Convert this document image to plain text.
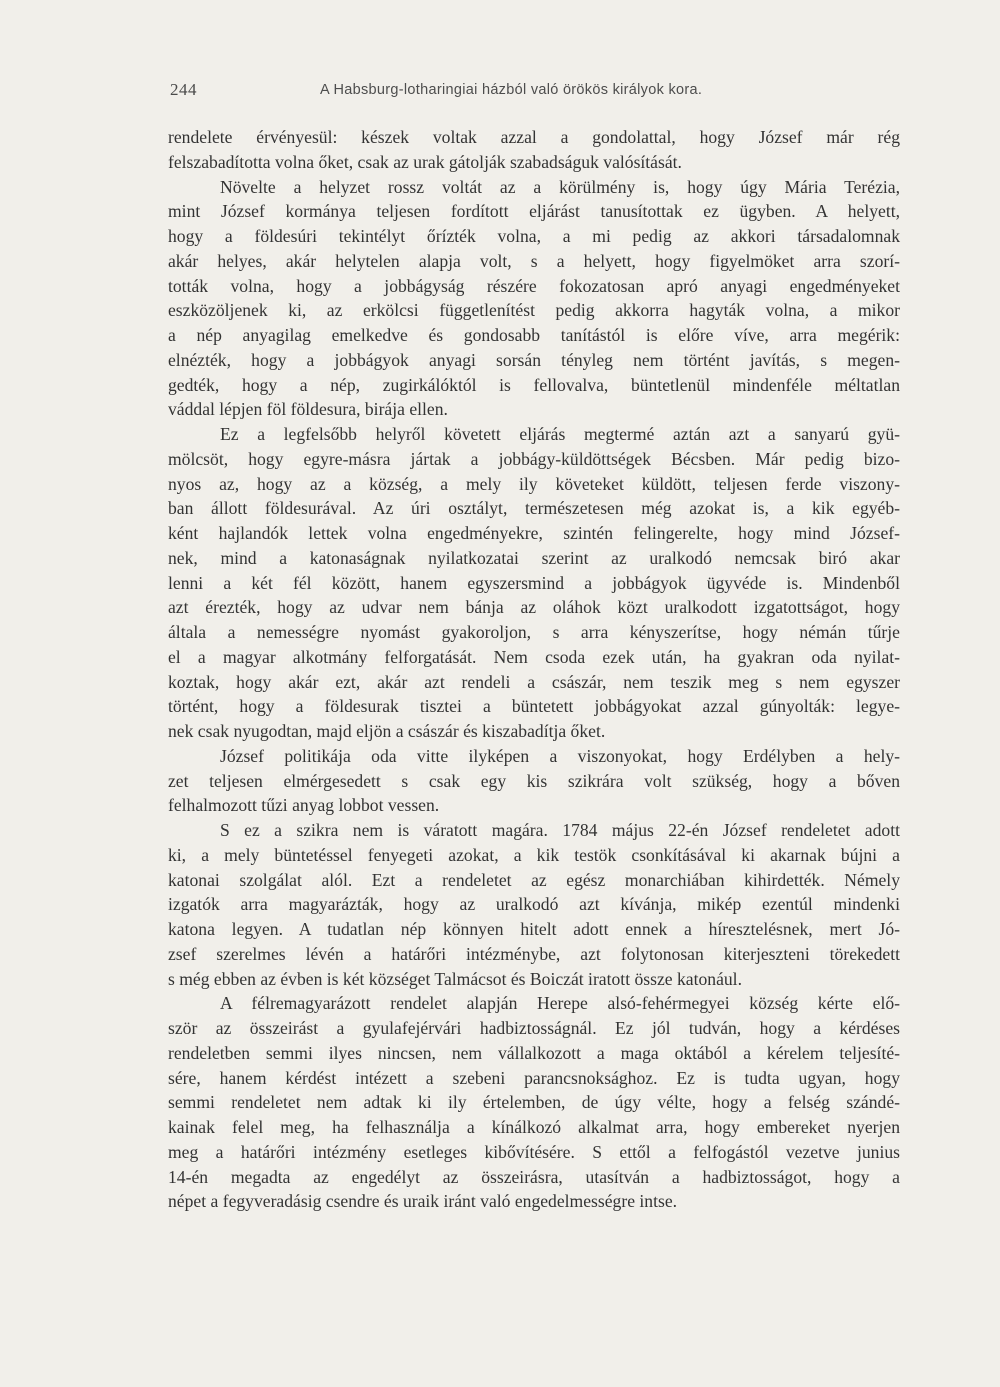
244	A Habsburg-lotharingiai házból való örökös királyok kora.
rendelete érvényesül: készek voltak azzal a gondolattal, hogy József már rég
felszabadította volna őket, csak az urak gátolják szabadságuk valósítását.
Növelte a helyzet rossz voltát az a körülmény is, hogy úgy Mária Terézia,
mint József kormánya teljesen fordított eljárást tanusítottak ez ügyben. A helyett,
hogy a földesúri tekintélyt őrízték volna, a mi pedig az akkori társadalomnak
akár helyes, akár helytelen alapja volt, s a helyett, hogy figyelmöket arra szorí-
tották volna, hogy a jobbágyság részére fokozatosan apró anyagi engedményeket
eszközöljenek ki, az erkölcsi függetlenítést pedig akkorra hagyták volna, a mikor
a nép anyagilag emelkedve és gondosabb tanítástól is előre víve, arra megérik:
elnézték, hogy a jobbágyok anyagi sorsán tényleg nem történt javítás, s megen-
gedték, hogy a nép, zugirkálóktól is fellovalva, büntetlenül mindenféle méltatlan
váddal lépjen föl földesura, birája ellen.
Ez a legfelsőbb helyről követett eljárás megtermé aztán azt a sanyarú gyü-
mölcsöt, hogy egyre-másra jártak a jobbágy-küldöttségek Bécsben. Már pedig bizo-
nyos az, hogy az a község, a mely ily követeket küldött, teljesen ferde viszony-
ban állott földesurával. Az úri osztályt, természetesen még azokat is, a kik egyéb-
ként hajlandók lettek volna engedményekre, szintén felingerelte, hogy mind József-
nek, mind a katonaságnak nyilatkozatai szerint az uralkodó nemcsak biró akar
lenni a két fél között, hanem egyszersmind a jobbágyok ügyvéde is. Mindenből
azt érezték, hogy az udvar nem bánja az oláhok közt uralkodott izgatottságot, hogy
általa a nemességre nyomást gyakoroljon, s arra kényszerítse, hogy némán tűrje
el a magyar alkotmány felforgatását. Nem csoda ezek után, ha gyakran oda nyilat-
koztak, hogy akár ezt, akár azt rendeli a császár, nem teszik meg s nem egyszer
történt, hogy a földesurak tisztei a büntetett jobbágyokat azzal gúnyolták: legye-
nek csak nyugodtan, majd eljön a császár és kiszabadítja őket.
József politikája oda vitte ilyképen a viszonyokat, hogy Erdélyben a hely-
zet teljesen elmérgesedett s csak egy kis szikrára volt szükség, hogy a bőven
felhalmozott tűzi anyag lobbot vessen.
S ez a szikra nem is váratott magára. 1784 május 22-én József rendeletet adott
ki, a mely büntetéssel fenyegeti azokat, a kik testök csonkításával ki akarnak bújni a
katonai szolgálat alól. Ezt a rendeletet az egész monarchiában kihirdették. Némely
izgatók arra magyarázták, hogy az uralkodó azt kívánja, mikép ezentúl mindenki
katona legyen. A tudatlan nép könnyen hitelt adott ennek a híresztelésnek, mert Jó-
zsef szerelmes lévén a határőri intézménybe, azt folytonosan kiterjeszteni törekedett
s még ebben az évben is két községet Talmácsot és Boiczát iratott össze katonául.
A félremagyarázott rendelet alapján Herepe alsó-fehérmegyei község kérte elő-
ször az összeirást a gyulafejérvári hadbiztosságnál. Ez jól tudván, hogy a kérdéses
rendeletben semmi ilyes nincsen, nem vállalkozott a maga oktából a kérelem teljesíté-
sére, hanem kérdést intézett a szebeni parancsnoksághoz. Ez is tudta ugyan, hogy
semmi rendeletet nem adtak ki ily értelemben, de úgy vélte, hogy a felség szándé-
kainak felel meg, ha felhasználja a kínálkozó alkalmat arra, hogy embereket nyerjen
meg a határőri intézmény esetleges kibővítésére. S ettől a felfogástól vezetve junius
14-én megadta az engedélyt az összeirásra, utasítván a hadbiztosságot, hogy a
népet a fegyveradásig csendre és uraik iránt való engedelmességre intse.
